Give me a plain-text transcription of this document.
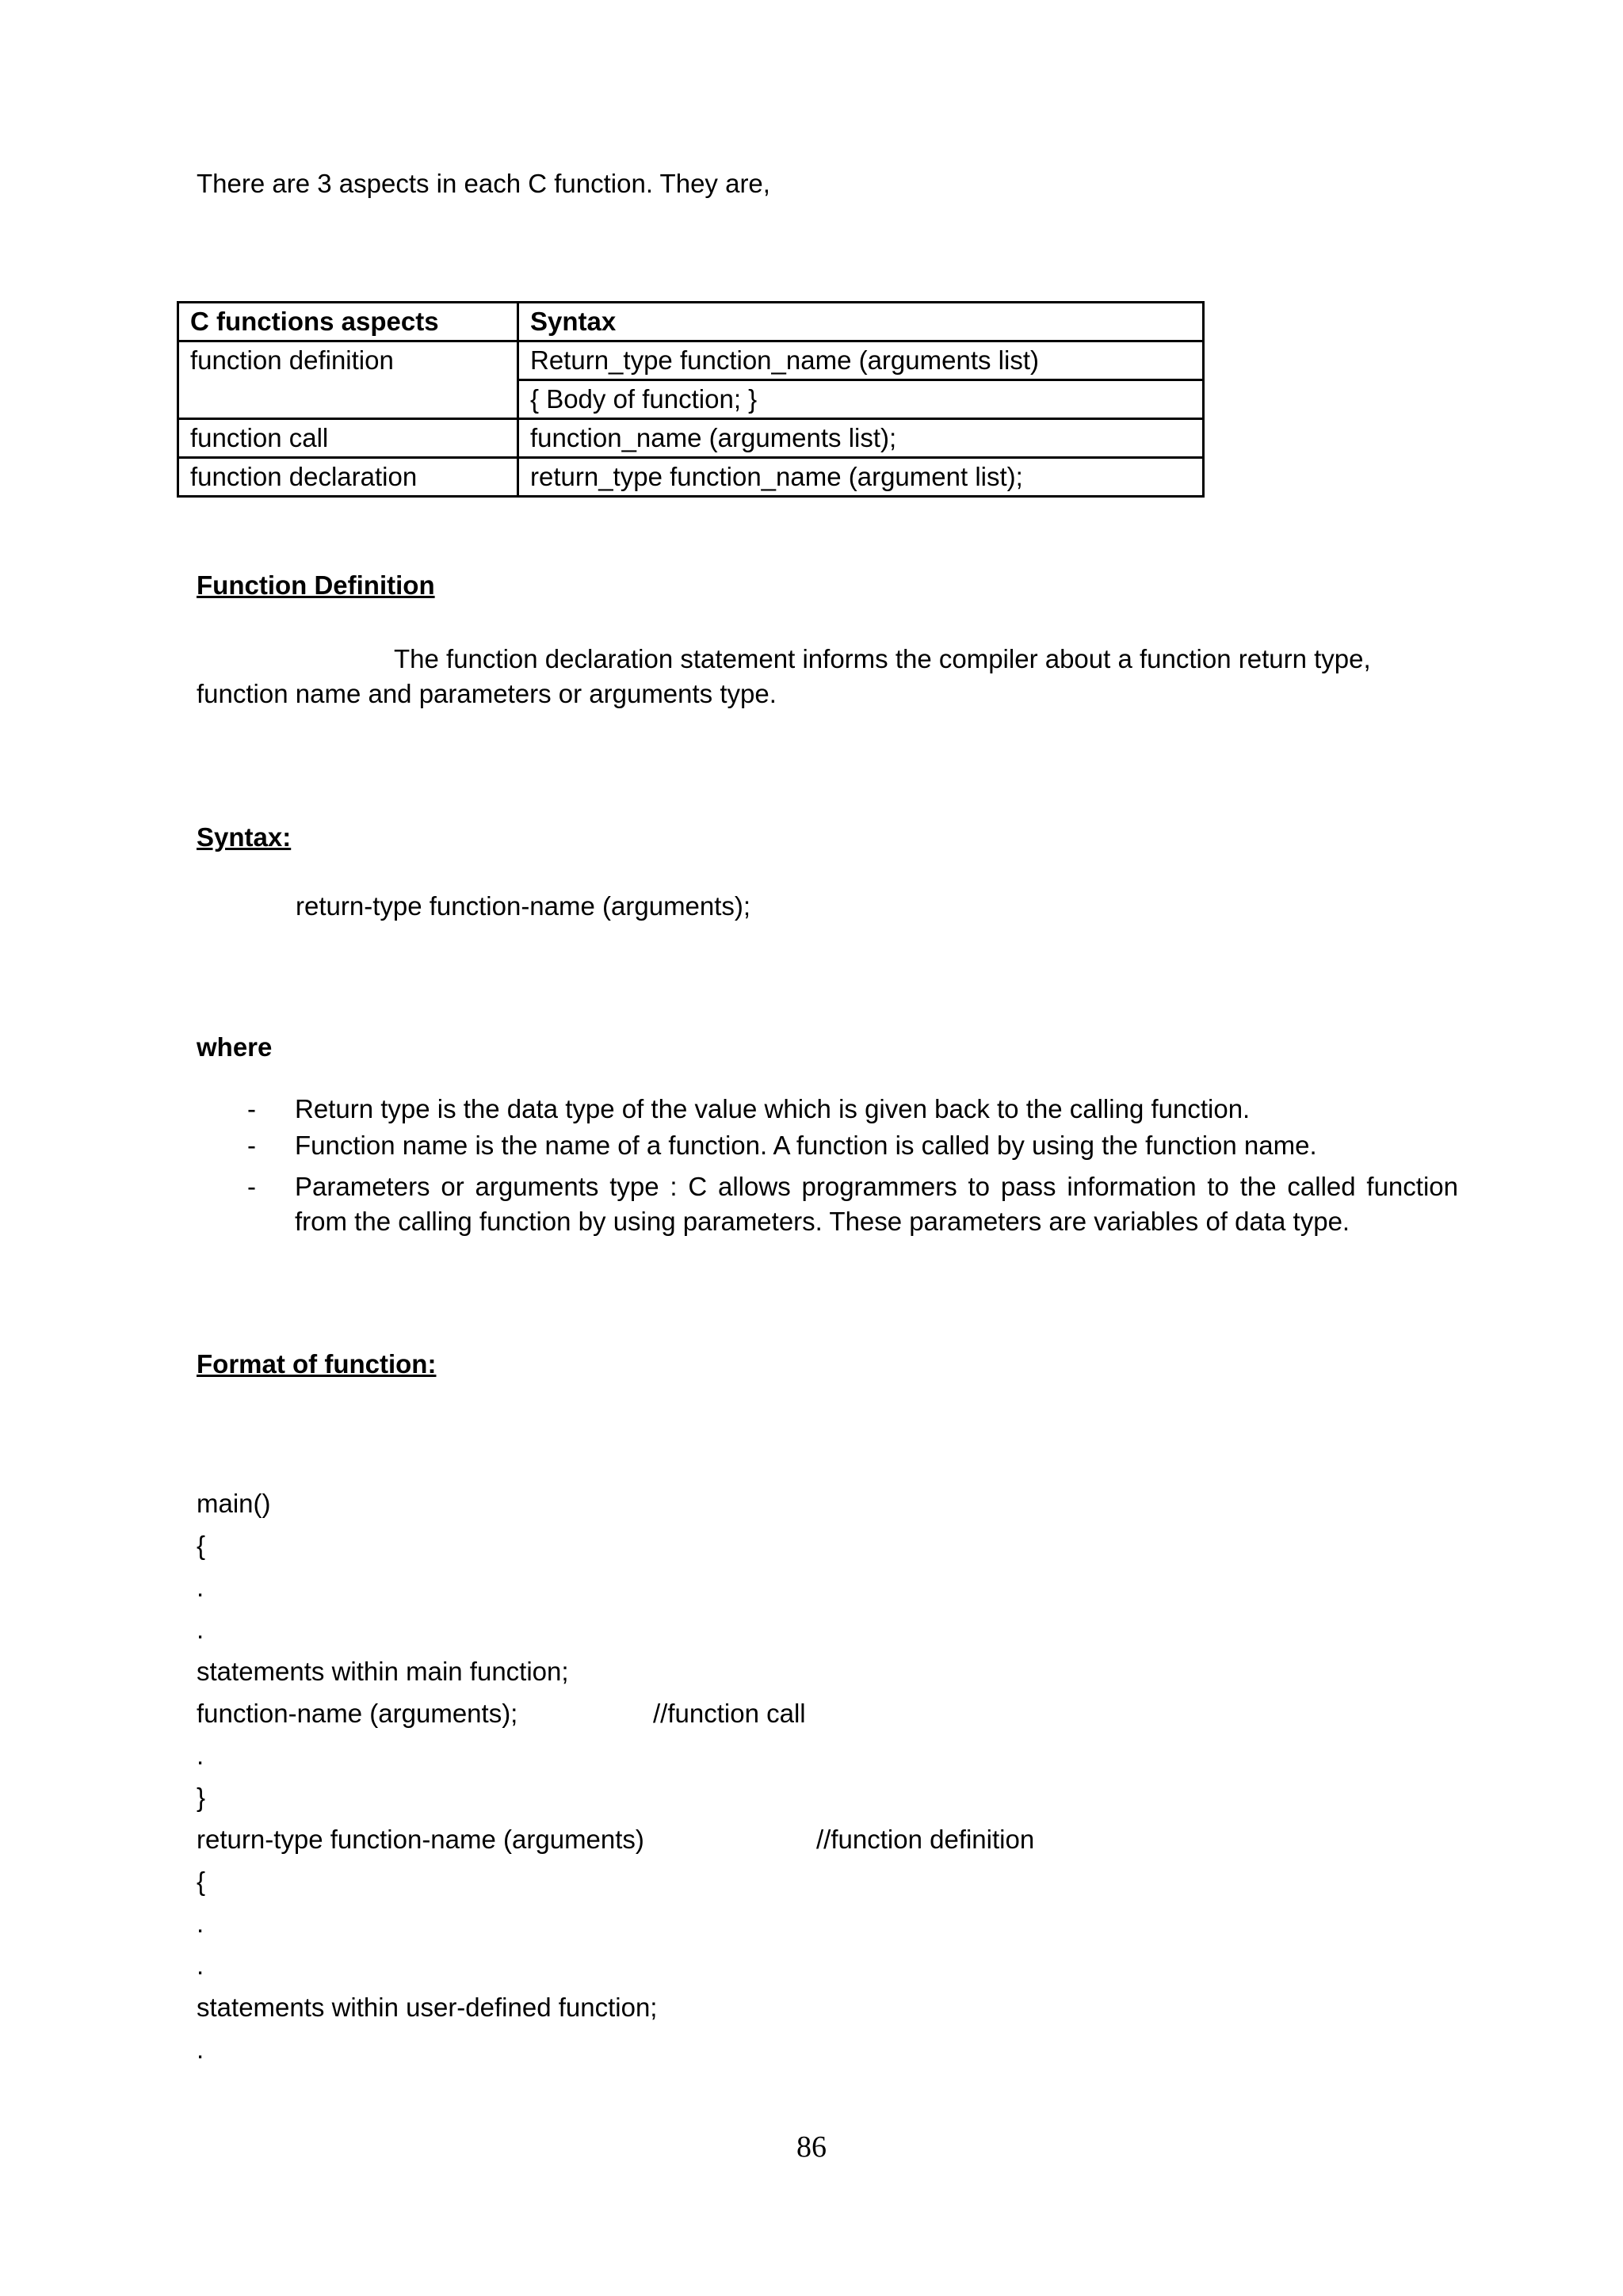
There are 3 aspects in each C function. They are,
C functions aspects	Syntax
function definition	Return_type function_name (arguments list)
	{ Body of function; }
function call	function_name (arguments list);
function declaration	return_type function_name (argument list);
Function Definition
The function declaration statement informs the compiler about a function return type,
function name and parameters or arguments type.
Syntax:
return-type function-name (arguments);
where
- Return type is the data type of the value which is given back to the calling function.
- Function name is the name of a function. A function is called by using the function name.
- Parameters or arguments type : C allows programmers to pass information to the called function from the calling function by using parameters. These parameters are variables of data type.
Format of function:
main()
{
.
.
statements within main function;
function-name (arguments);	//function call
.
}
return-type function-name (arguments)	//function definition
{
.
.
statements within user-defined function;
.
86
